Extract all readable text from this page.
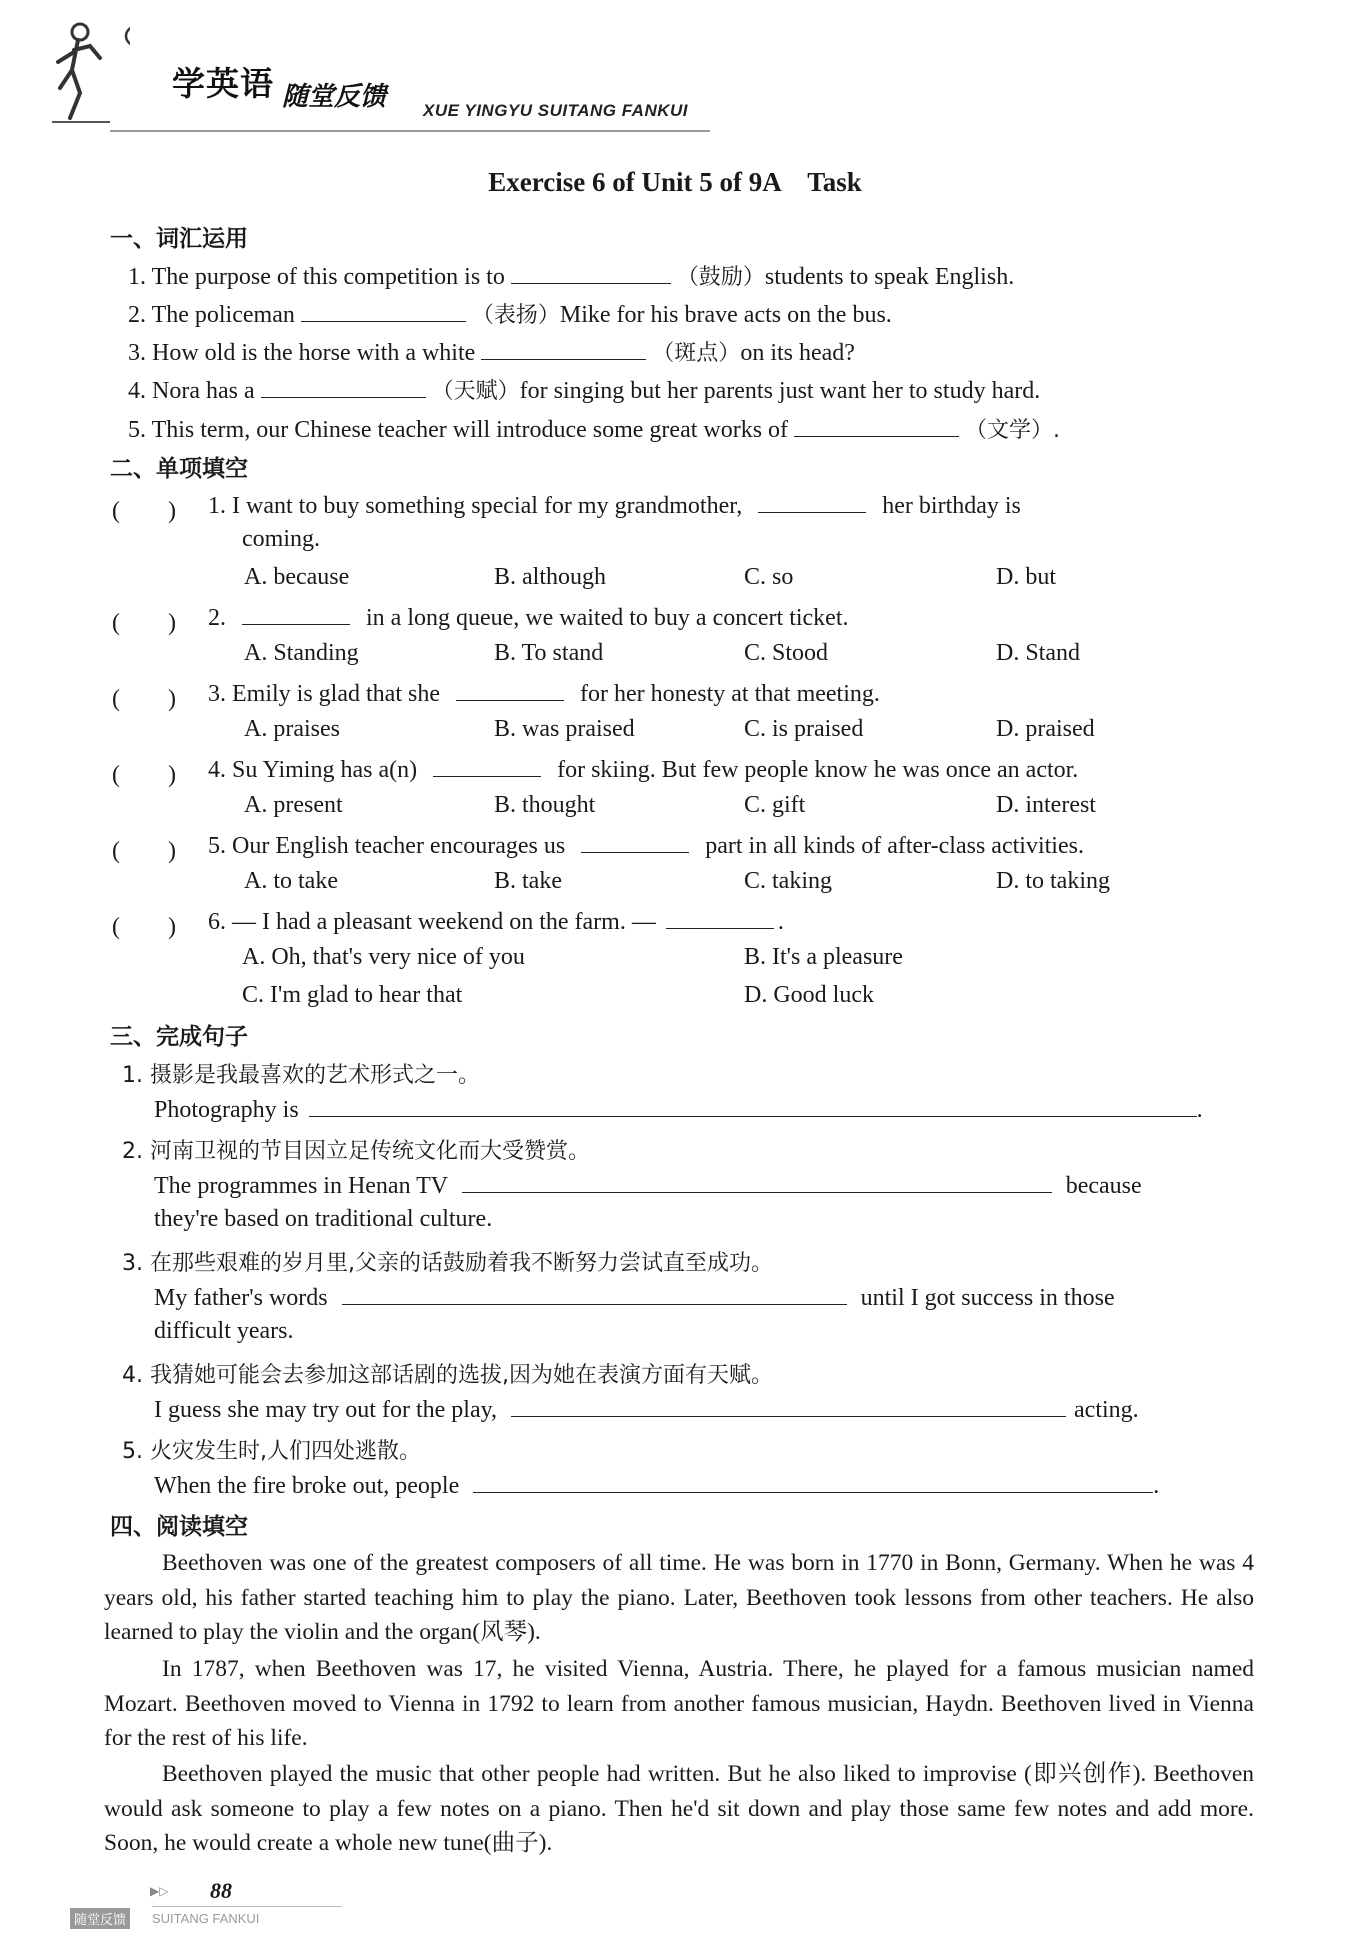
学英语 随堂反馈 XUE YINGYU SUITANG FANKUI
Exercise 6 of Unit 5 of 9A　Task
一、词汇运用
1. The purpose of this competition is to	（鼓励）students to speak English.
2. The policeman	（表扬）Mike for his brave acts on the bus.
3. How old is the horse with a white	（斑点）on its head?
4. Nora has a	（天赋）for singing but her parents just want her to study hard.
5. This term, our Chinese teacher will introduce some great works of	（文学）.
二、单项填空
(　　) 1. I want to buy something special for my grandmother,	her birthday is
coming.
A. because	B. although	C. so	D. but
(　　) 2.	in a long queue, we waited to buy a concert ticket.
A. Standing	B. To stand	C. Stood	D. Stand
(　　) 3. Emily is glad that she	for her honesty at that meeting.
A. praises	B. was praised	C. is praised	D. praised
(　　) 4. Su Yiming has a(n)	for skiing. But few people know he was once an actor.
A. present	B. thought	C. gift	D. interest
(　　) 5. Our English teacher encourages us	part in all kinds of after-class activities.
A. to take	B. take	C. taking	D. to taking
(　　) 6. — I had a pleasant weekend on the farm. —	.
A. Oh, that's very nice of you	B. It's a pleasure
C. I'm glad to hear that	D. Good luck
三、完成句子
1. 摄影是我最喜欢的艺术形式之一。
Photography is	.
2. 河南卫视的节目因立足传统文化而大受赞赏。
The programmes in Henan TV	because
they're based on traditional culture.
3. 在那些艰难的岁月里,父亲的话鼓励着我不断努力尝试直至成功。
My father's words	until I got success in those
difficult years.
4. 我猜她可能会去参加这部话剧的选拔,因为她在表演方面有天赋。
I guess she may try out for the play,	acting.
5. 火灾发生时,人们四处逃散。
When the fire broke out, people	.
四、阅读填空
Beethoven was one of the greatest composers of all time. He was born in 1770 in Bonn, Germany. When he was 4 years old, his father started teaching him to play the piano. Later, Beethoven took lessons from other teachers. He also learned to play the violin and the organ(风琴).
In 1787, when Beethoven was 17, he visited Vienna, Austria. There, he played for a famous musician named Mozart. Beethoven moved to Vienna in 1792 to learn from another famous musician, Haydn. Beethoven lived in Vienna for the rest of his life.
Beethoven played the music that other people had written. But he also liked to improvise (即兴创作). Beethoven would ask someone to play a few notes on a piano. Then he'd sit down and play those same few notes and add more. Soon, he would create a whole new tune(曲子).
▶▷ 88
随堂反馈	SUITANG FANKUI
